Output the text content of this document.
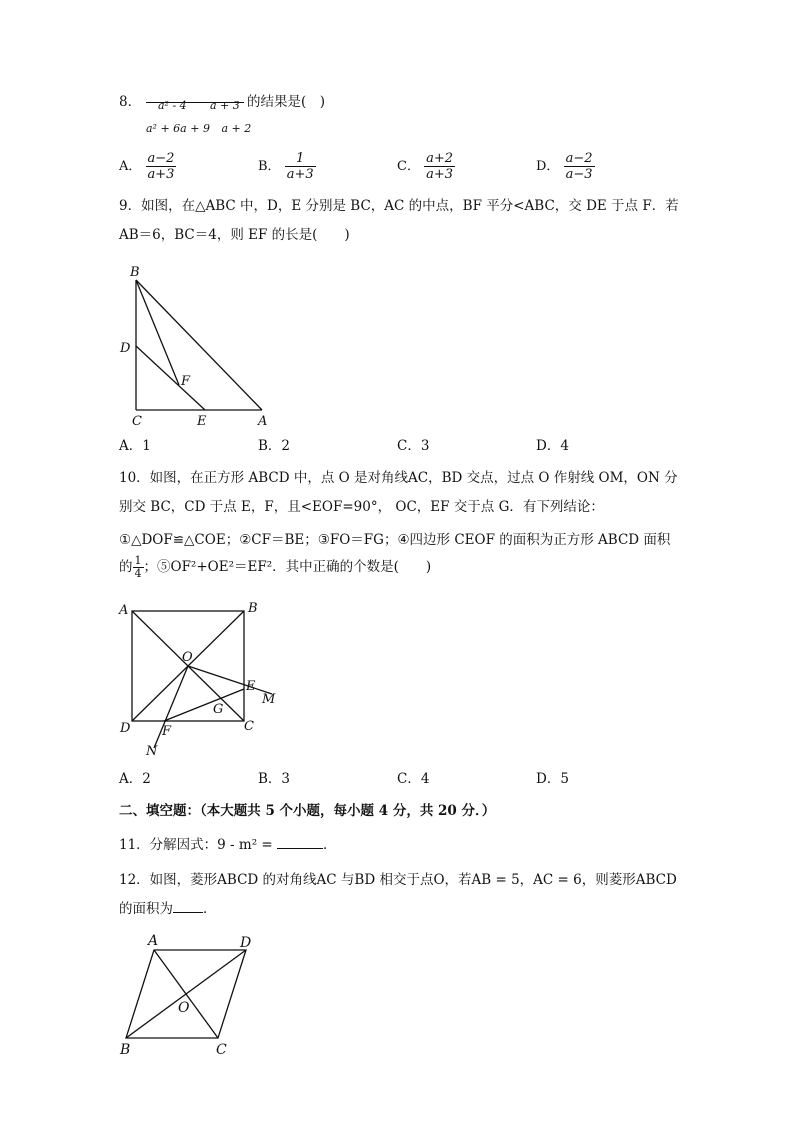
8． a² - 4 a + 3 的结果是(　)
a² + 6a + 9 a + 2
A． $\frac{a-2}{a+3}$	B． $\frac{1}{a+3}$	C． $\frac{a+2}{a+3}$	D． $\frac{a-2}{a-3}$
9．如图，在△ABC 中，D，E 分别是 BC，AC 的中点，BF 平分<ABC，交 DE 于点 F．若
AB＝6，BC＝4，则 EF 的长是(　　)
B
D
F
C	E	A
A．1	B．2	C．3	D．4
10．如图，在正方形 ABCD 中，点 O 是对角线AC，BD 交点，过点 O 作射线 OM，ON 分
别交 BC，CD 于点 E，F，且<EOF=90°， OC，EF 交于点 G．有下列结论：
①△DOF≌△COE；②CF＝BE；③FO＝FG；④四边形 CEOF 的面积为正方形 ABCD 面积
的 $\frac{1}{4}$ ；⑤OF²+OE²＝EF²．其中正确的个数是(　　)
A	B
O
E
M
G
D F	C
N
A．2	B．3	C．4	D．5
二、填空题：（本大题共 5 个小题，每小题 4 分，共 20 分．）
11．分解因式：9 - m² =	．
12．如图，菱形ABCD 的对角线AC 与BD 相交于点O，若AB = 5，AC = 6，则菱形ABCD
的面积为 ．
A	D
O
B	C
